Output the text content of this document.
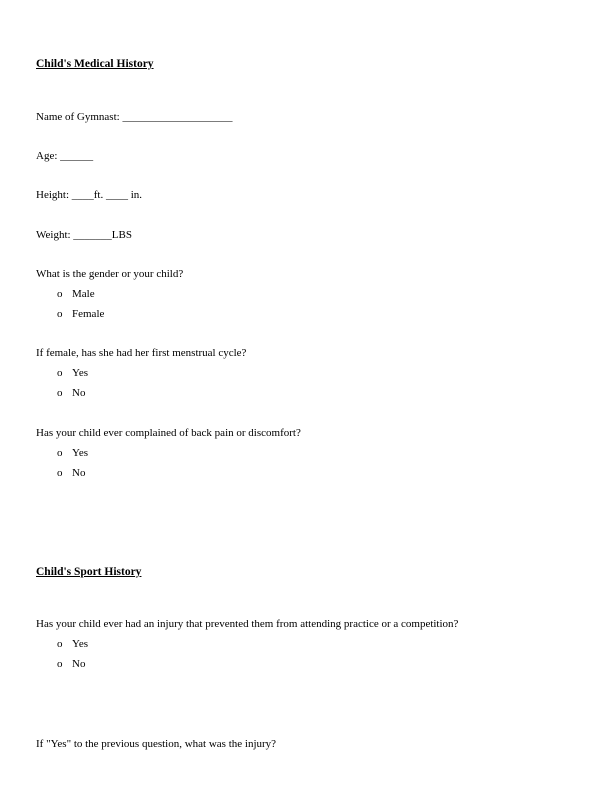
Child's Medical History
Name of Gymnast: ____________________
Age: ______
Height: ____ft. ____ in.
Weight: _______LBS
What is the gender or your child?
o Male
o Female
If female, has she had her first menstrual cycle?
o Yes
o No
Has your child ever complained of back pain or discomfort?
o Yes
o No
Child's Sport History
Has your child ever had an injury that prevented them from attending practice or a competition?
o Yes
o No
If "Yes" to the previous question, what was the injury?
